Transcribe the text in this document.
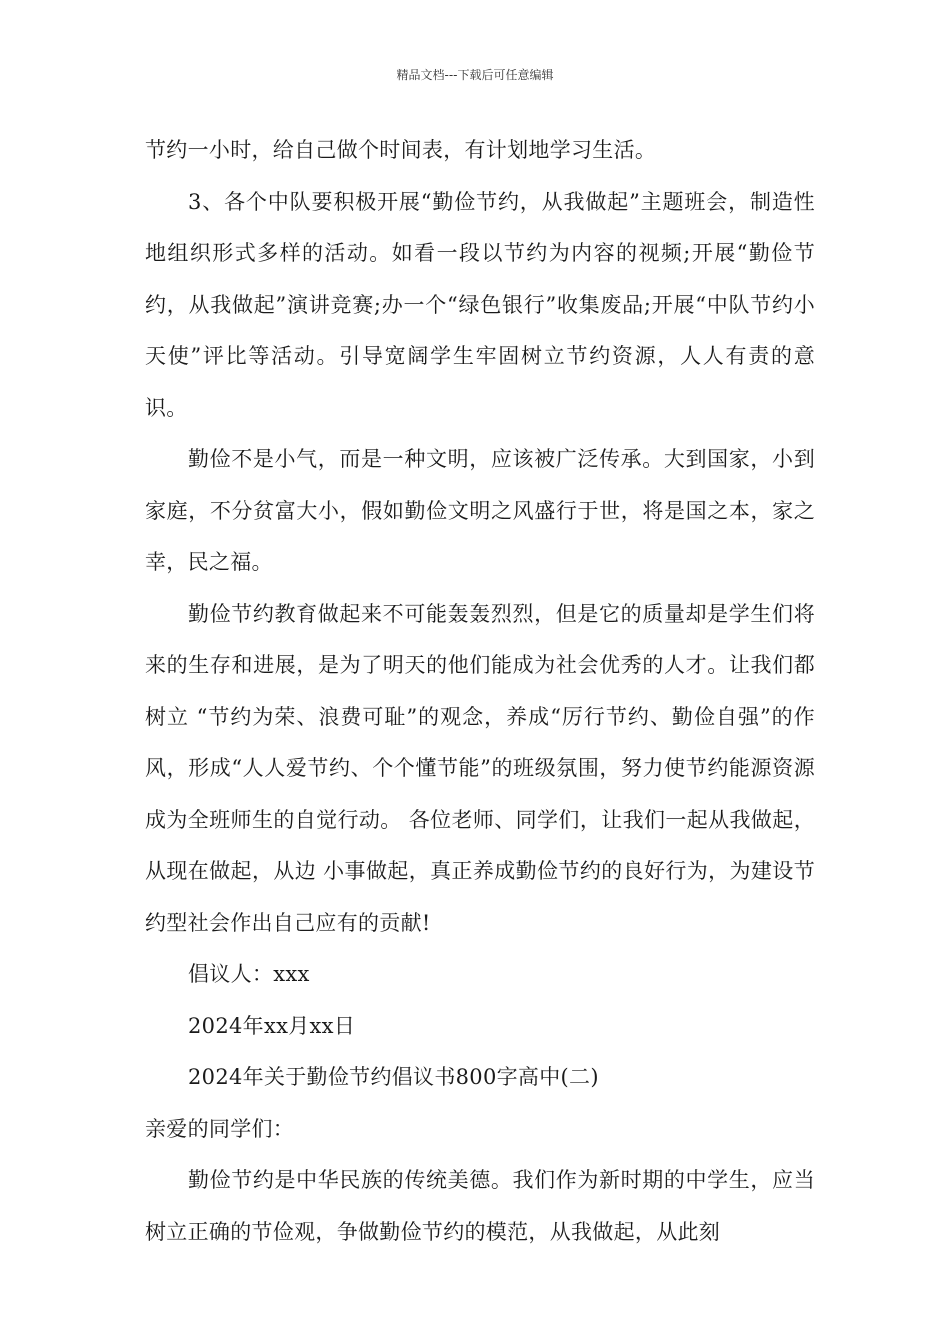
精品文档---下载后可任意编辑

节约一小时，给自己做个时间表，有计划地学习生活。

3、各个中队要积极开展“勤俭节约，从我做起”主题班会，制造性地组织形式多样的活动。如看一段以节约为内容的视频;开展“勤俭节约，从我做起”演讲竞赛;办一个“绿色银行”收集废品;开展“中队节约小天使”评比等活动。引导宽阔学生牢固树立节约资源，人人有责的意识。

勤俭不是小气，而是一种文明，应该被广泛传承。大到国家，小到家庭，不分贫富大小，假如勤俭文明之风盛行于世，将是国之本，家之幸，民之福。

勤俭节约教育做起来不可能轰轰烈烈，但是它的质量却是学生们将来的生存和进展，是为了明天的他们能成为社会优秀的人才。让我们都树立 “节约为荣、浪费可耻”的观念，养成“厉行节约、勤俭自强”的作风，形成“人人爱节约、个个懂节能”的班级氛围，努力使节约能源资源成为全班师生的自觉行动。 各位老师、同学们，让我们一起从我做起，从现在做起，从边 小事做起，真正养成勤俭节约的良好行为，为建设节约型社会作出自己应有的贡献!

倡议人：xxx

2024年xx月xx日

2024年关于勤俭节约倡议书800字高中(二)

亲爱的同学们：

勤俭节约是中华民族的传统美德。我们作为新时期的中学生，应当树立正确的节俭观，争做勤俭节约的模范，从我做起，从此刻
